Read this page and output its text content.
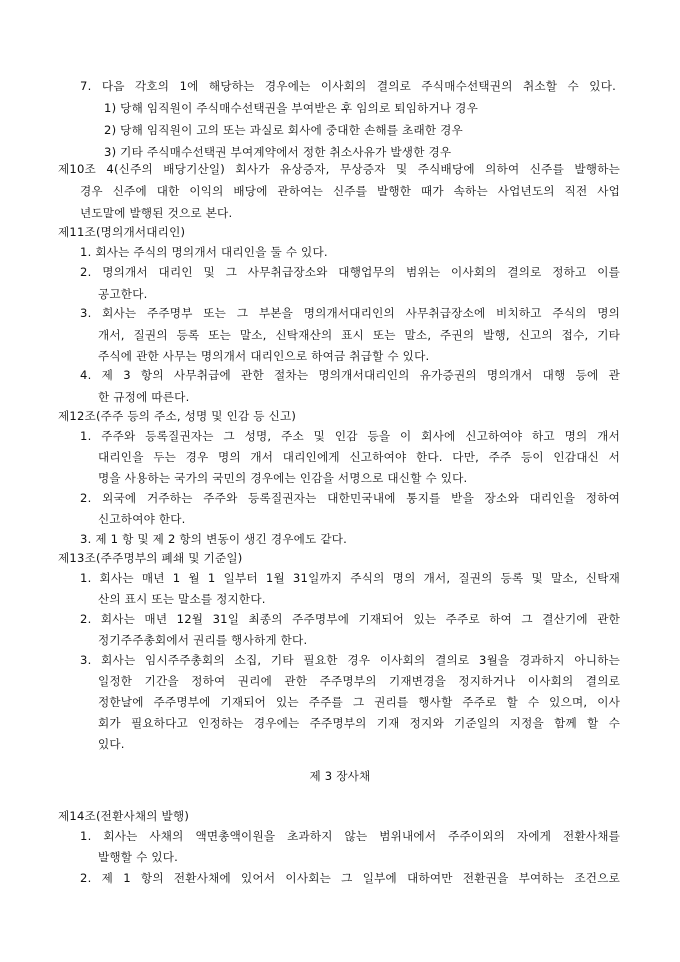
7. 다음 각호의 1에 해당하는 경우에는 이사회의 결의로 주식매수선택권의 취소할 수 있다.
1) 당해 임직원이 주식매수선택권을 부여받은 후 임의로 퇴임하거나 경우
2) 당해 임직원이 고의 또는 과실로 회사에 중대한 손해를 초래한 경우
3) 기타 주식매수선택권 부여계약에서 정한 취소사유가 발생한 경우
제10조 4(신주의 배당기산일) 회사가 유상증자, 무상증자 및 주식배당에 의하여 신주를 발행하는
경우 신주에 대한 이익의 배당에 관하여는 신주를 발행한 때가 속하는 사업년도의 직전 사업
년도말에 발행된 것으로 본다.
제11조(명의개서대리인)
1. 회사는 주식의 명의개서 대리인을 둘 수 있다.
2. 명의개서 대리인 및 그 사무취급장소와 대행업무의 범위는 이사회의 결의로 정하고 이를
공고한다.
3. 회사는 주주명부 또는 그 부본을 명의개서대리인의 사무취급장소에 비치하고 주식의 명의
개서, 질권의 등록 또는 말소, 신탁재산의 표시 또는 말소, 주권의 발행, 신고의 접수, 기타
주식에 관한 사무는 명의개서 대리인으로 하여금 취급할 수 있다.
4. 제 3 항의 사무취급에 관한 절차는 명의개서대리인의 유가증권의 명의개서 대행 등에 관
한 규정에 따른다.
제12조(주주 등의 주소, 성명 및 인감 등 신고)
1. 주주와 등록질권자는 그 성명, 주소 및 인감 등을 이 회사에 신고하여야 하고 명의 개서
대리인을 두는 경우 명의 개서 대리인에게 신고하여야 한다. 다만, 주주 등이 인감대신 서
명을 사용하는 국가의 국민의 경우에는 인감을 서명으로 대신할 수 있다.
2. 외국에 거주하는 주주와 등록질권자는 대한민국내에 통지를 받을 장소와 대리인을 정하여
신고하여야 한다.
3. 제 1 항 및 제 2 항의 변동이 생긴 경우에도 같다.
제13조(주주명부의 폐쇄 및 기준일)
1. 회사는 매년 1 월 1 일부터 1월 31일까지 주식의 명의 개서, 질권의 등록 및 말소, 신탁재
산의 표시 또는 말소를 정지한다.
2. 회사는 매년 12월 31일 최종의 주주명부에 기재되어 있는 주주로 하여 그 결산기에 관한
정기주주총회에서 권리를 행사하게 한다.
3. 회사는 임시주주총회의 소집, 기타 필요한 경우 이사회의 결의로 3월을 경과하지 아니하는
일정한 기간을 정하여 권리에 관한 주주명부의 기재변경을 정지하거나 이사회의 결의로
정한날에 주주명부에 기재되어 있는 주주를 그 권리를 행사할 주주로 할 수 있으며, 이사
회가 필요하다고 인정하는 경우에는 주주명부의 기재 정지와 기준일의 지정을 함께 할 수
있다.
제 3 장사채
제14조(전환사채의 발행)
1. 회사는 사채의 액면총액이원을 초과하지 않는 범위내에서 주주이외의 자에게 전환사채를
발행할 수 있다.
2. 제 1 항의 전환사채에 있어서 이사회는 그 일부에 대하여만 전환권을 부여하는 조건으로
